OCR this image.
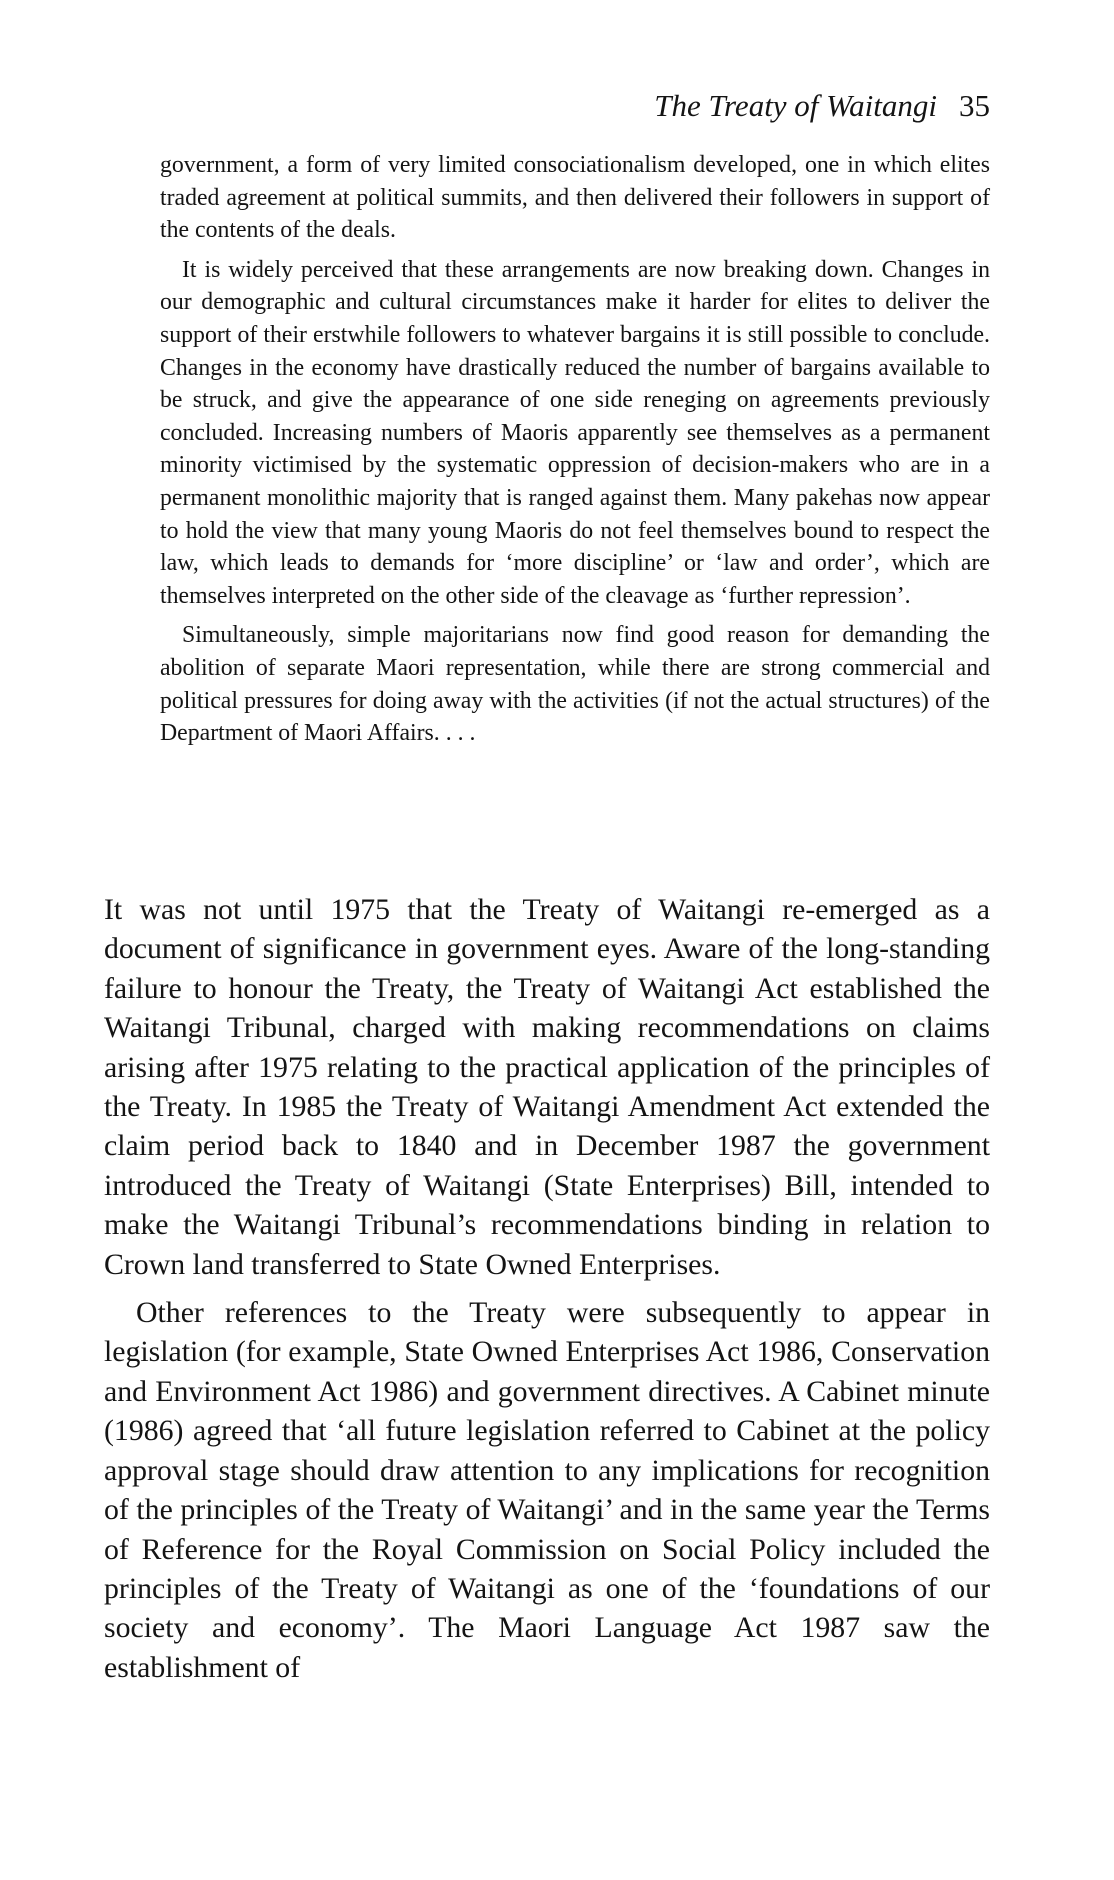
The Treaty of Waitangi 35

government, a form of very limited consociationalism developed, one in which elites traded agreement at political summits, and then delivered their followers in support of the contents of the deals.

It is widely perceived that these arrangements are now breaking down. Changes in our demographic and cultural circumstances make it harder for elites to deliver the support of their erstwhile followers to whatever bargains it is still possible to conclude. Changes in the economy have drastically reduced the number of bargains available to be struck, and give the appearance of one side reneging on agreements previously concluded. Increasing numbers of Maoris apparently see themselves as a permanent minority victimised by the systematic oppression of decision-makers who are in a permanent monolithic majority that is ranged against them. Many pakehas now appear to hold the view that many young Maoris do not feel themselves bound to respect the law, which leads to demands for ‘more discipline’ or ‘law and order’, which are themselves interpreted on the other side of the cleavage as ‘further repression’.

Simultaneously, simple majoritarians now find good reason for demanding the abolition of separate Maori representation, while there are strong commercial and political pressures for doing away with the activities (if not the actual structures) of the Department of Maori Affairs. . . .

It was not until 1975 that the Treaty of Waitangi re-emerged as a document of significance in government eyes. Aware of the long-standing failure to honour the Treaty, the Treaty of Waitangi Act established the Waitangi Tribunal, charged with making recommendations on claims arising after 1975 relating to the practical application of the principles of the Treaty. In 1985 the Treaty of Waitangi Amendment Act extended the claim period back to 1840 and in December 1987 the government introduced the Treaty of Waitangi (State Enterprises) Bill, intended to make the Waitangi Tribunal’s recommendations binding in relation to Crown land transferred to State Owned Enterprises.

Other references to the Treaty were subsequently to appear in legislation (for example, State Owned Enterprises Act 1986, Conservation and Environment Act 1986) and government directives. A Cabinet minute (1986) agreed that ‘all future legislation referred to Cabinet at the policy approval stage should draw attention to any implications for recognition of the principles of the Treaty of Waitangi’ and in the same year the Terms of Reference for the Royal Commission on Social Policy included the principles of the Treaty of Waitangi as one of the ‘foundations of our society and economy’. The Maori Language Act 1987 saw the establishment of
